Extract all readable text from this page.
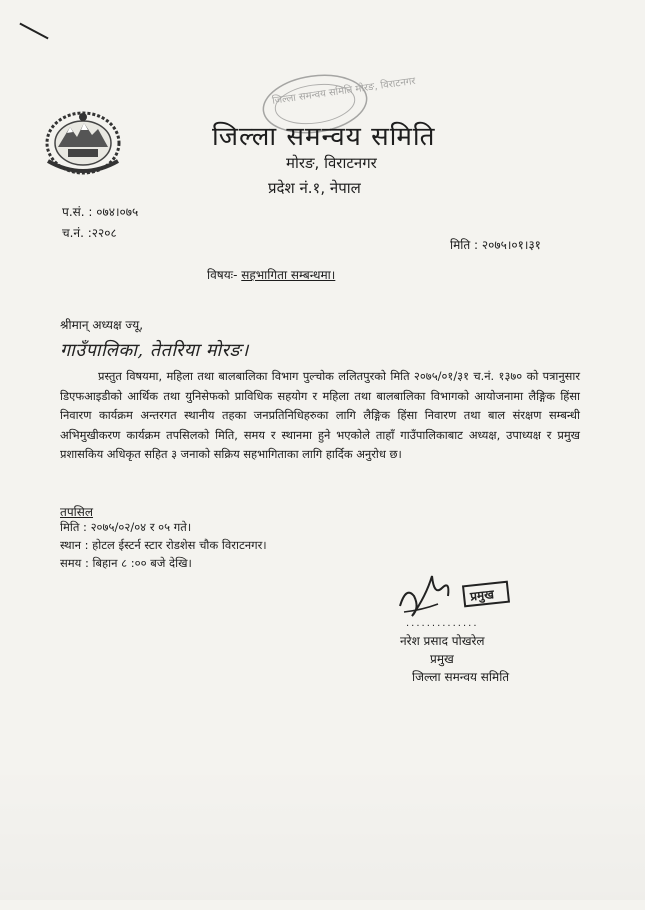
जिल्ला समन्वय समिति मोरङ, विराटनगर
जिल्ला समन्वय समिति
मोरङ, विराटनगर
प्रदेश नं.१, नेपाल
प.सं. : ०७४।०७५
च.नं. :२२०८
मिति : २०७५।०१।३१
विषयः- सहभागिता सम्बन्धमा।
श्रीमान् अध्यक्ष ज्यू,
गाउँपालिका, तेतरिया मोरङ।
प्रस्तुत विषयमा, महिला तथा बालबालिका विभाग पुल्चोक ललितपुरको मिति २०७५/०१/३१ च.नं. १३७० को पत्रानुसार डिएफआइडीको आर्थिक तथा युनिसेफको प्राविधिक सहयोग र महिला तथा बालबालिका विभागको आयोजनामा लैङ्गिक हिंसा निवारण कार्यक्रम अन्तरगत स्थानीय तहका जनप्रतिनिधिहरुका लागि लैङ्गिक हिंसा निवारण तथा बाल संरक्षण सम्बन्धी अभिमुखीकरण कार्यक्रम तपसिलको मिति, समय र स्थानमा हुने भएकोले ताहाँ गाउँपालिकाबाट अध्यक्ष, उपाध्यक्ष र प्रमुख प्रशासकिय अधिकृत सहित ३ जनाको सक्रिय सहभागिताका लागि हार्दिक अनुरोध छ।
तपसिल
मिति : २०७५/०२/०४ र ०५ गते।
स्थान : होटल ईस्टर्न स्टार रोडशेस चौक विराटनगर।
समय : बिहान ८ :०० बजे देखि।
प्रमुख
..............
नरेश प्रसाद पोखरेल
प्रमुख
जिल्ला समन्वय समिति
